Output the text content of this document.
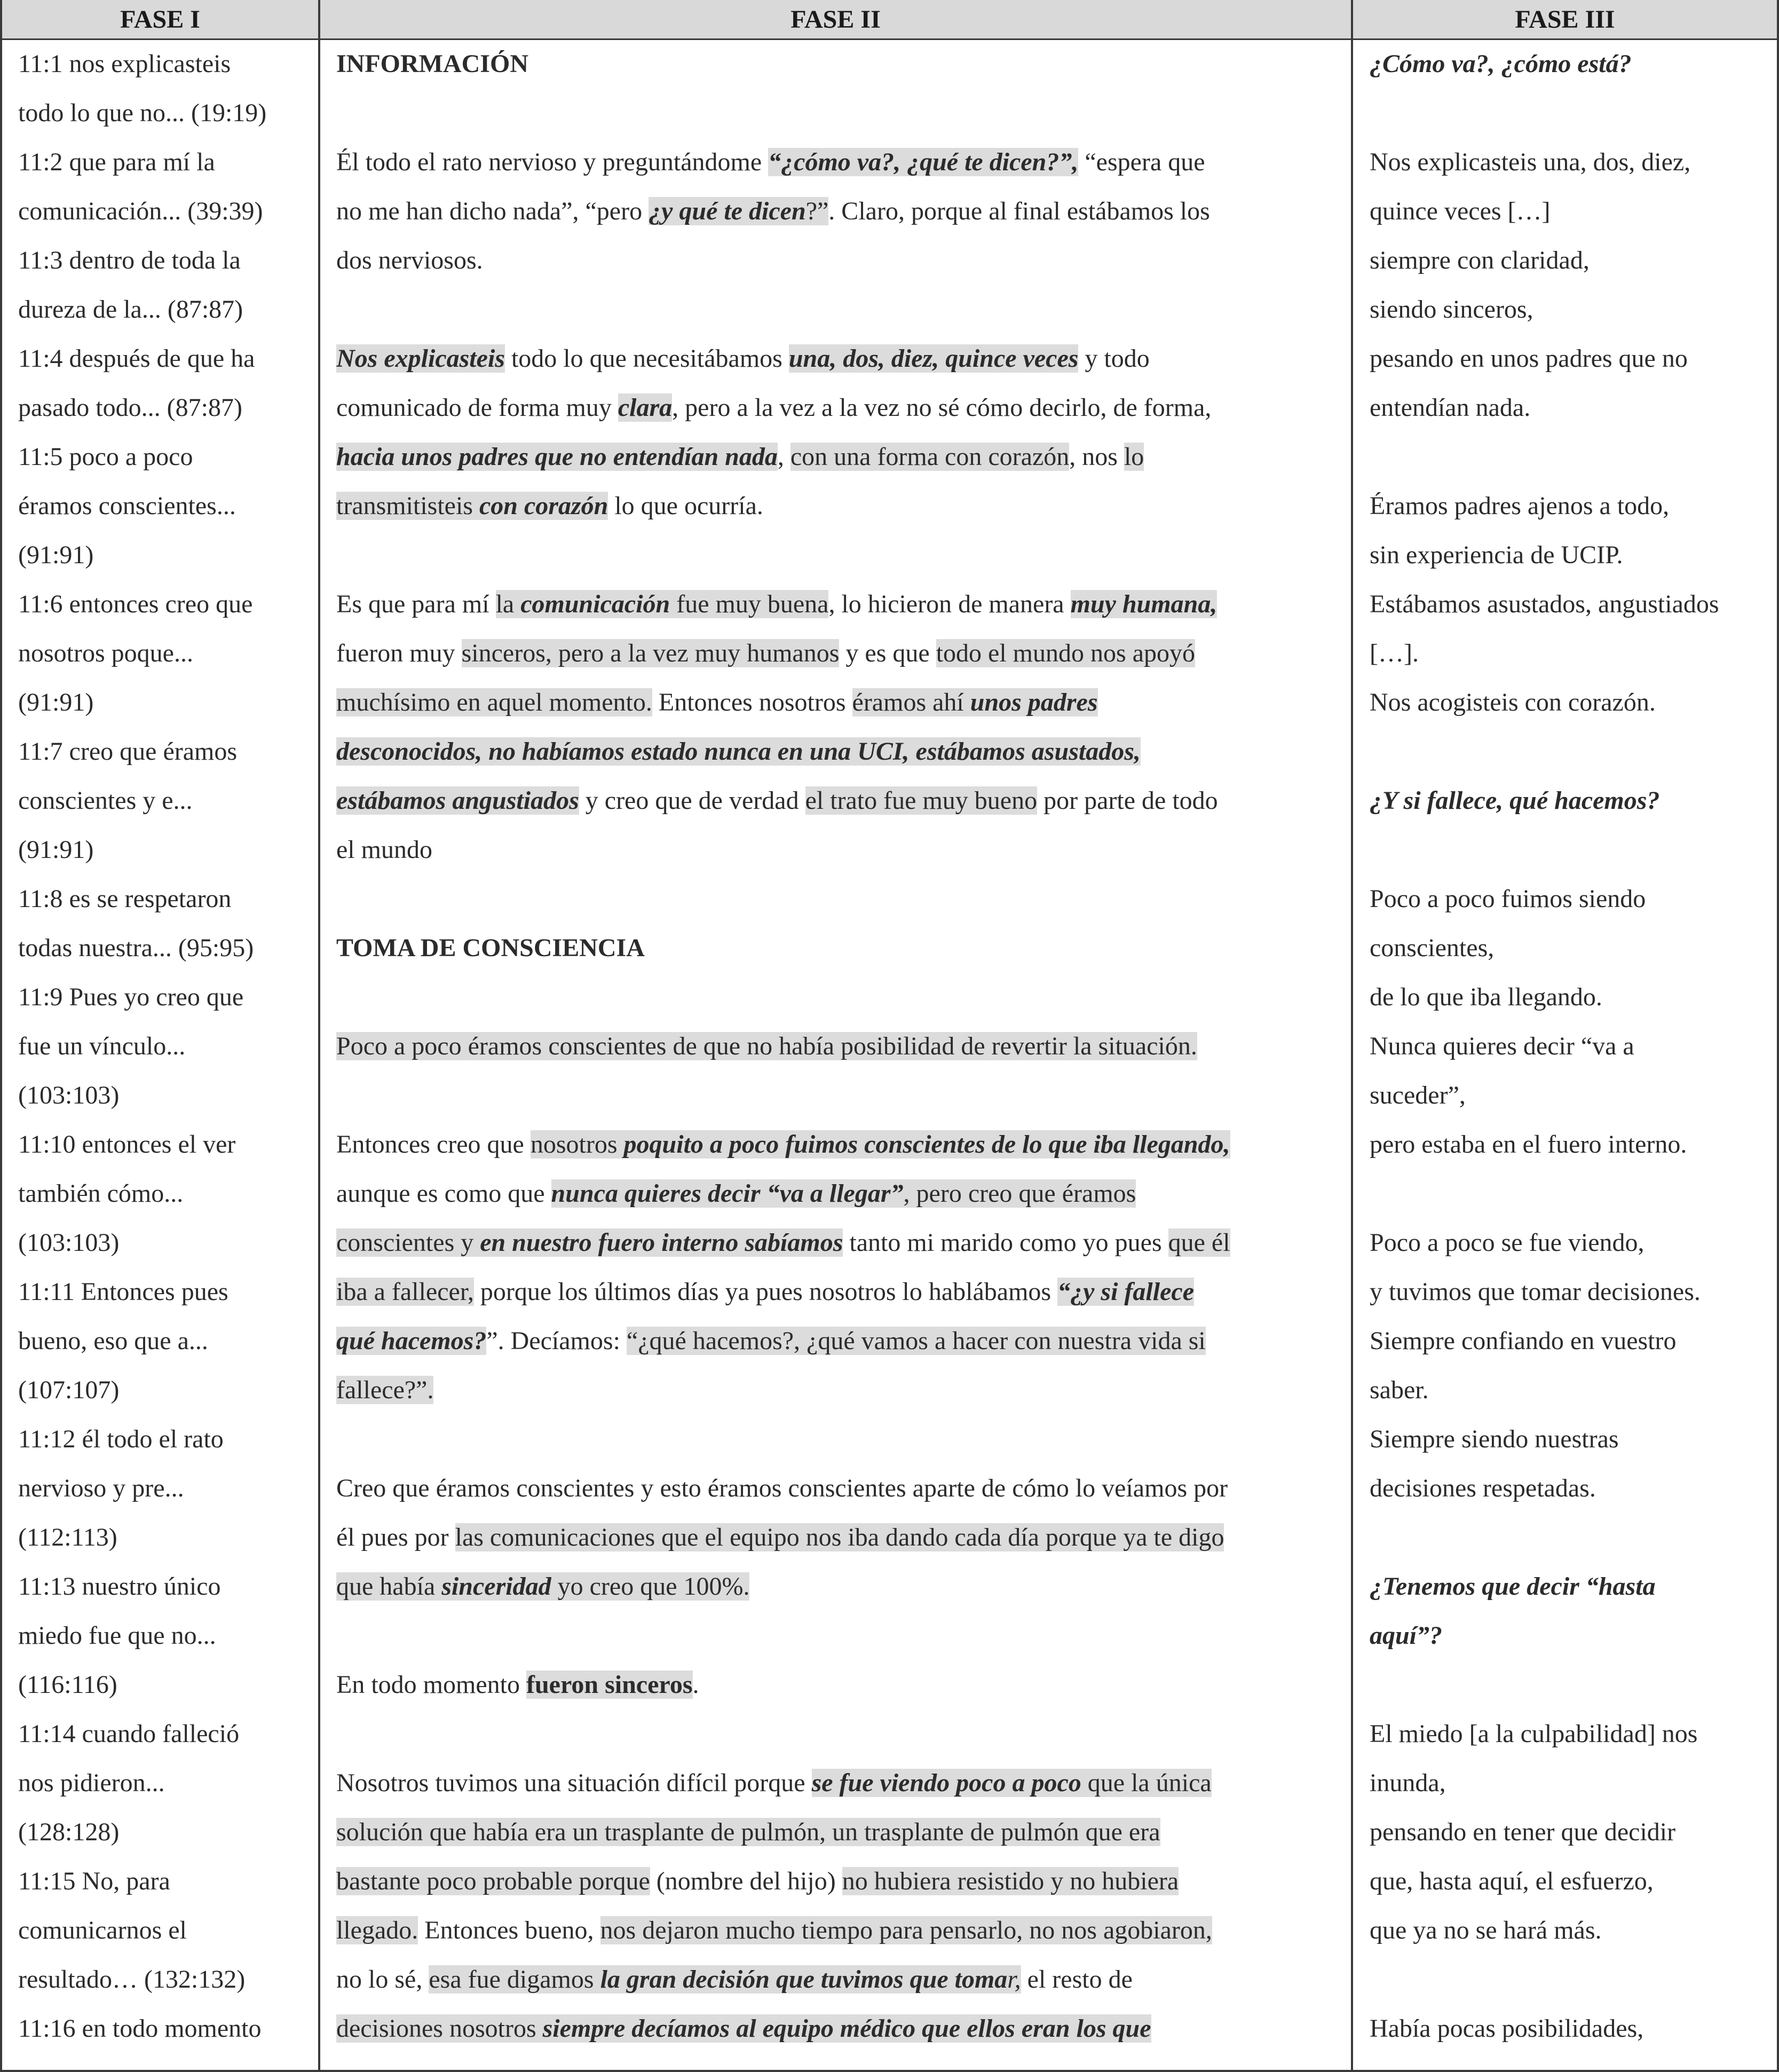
FASE I	FASE II	FASE III
11:1 nos explicasteis
todo lo que no... (19:19)
11:2 que para mí la
comunicación... (39:39)
11:3 dentro de toda la
dureza de la... (87:87)
11:4 después de que ha
pasado todo... (87:87)
11:5 poco a poco
éramos conscientes...
(91:91)
11:6 entonces creo que
nosotros poque...
(91:91)
11:7 creo que éramos
conscientes y e...
(91:91)
11:8 es se respetaron
todas nuestra... (95:95)
11:9 Pues yo creo que
fue un vínculo...
(103:103)
11:10 entonces el ver
también cómo...
(103:103)
11:11 Entonces pues
bueno, eso que a...
(107:107)
11:12 él todo el rato
nervioso y pre...
(112:113)
11:13 nuestro único
miedo fue que no...
(116:116)
11:14 cuando falleció
nos pidieron...
(128:128)
11:15 No, para
comunicarnos el
resultado… (132:132)
11:16 en todo momento
INFORMACIÓN
Él todo el rato nervioso y preguntándome “¿cómo va?, ¿qué te dicen?”, “espera que
no me han dicho nada”, “pero ¿y qué te dicen?”. Claro, porque al final estábamos los
dos nerviosos.
Nos explicasteis todo lo que necesitábamos una, dos, diez, quince veces y todo
comunicado de forma muy clara, pero a la vez a la vez no sé cómo decirlo, de forma,
hacia unos padres que no entendían nada, con una forma con corazón, nos lo
transmitisteis con corazón lo que ocurría.
Es que para mí la comunicación fue muy buena, lo hicieron de manera muy humana,
fueron muy sinceros, pero a la vez muy humanos y es que todo el mundo nos apoyó
muchísimo en aquel momento. Entonces nosotros éramos ahí unos padres
desconocidos, no habíamos estado nunca en una UCI, estábamos asustados,
estábamos angustiados y creo que de verdad el trato fue muy bueno por parte de todo
el mundo
TOMA DE CONSCIENCIA
Poco a poco éramos conscientes de que no había posibilidad de revertir la situación.
Entonces creo que nosotros poquito a poco fuimos conscientes de lo que iba llegando,
aunque es como que nunca quieres decir “va a llegar”, pero creo que éramos
conscientes y en nuestro fuero interno sabíamos tanto mi marido como yo pues que él
iba a fallecer, porque los últimos días ya pues nosotros lo hablábamos “¿y si fallece
qué hacemos?”. Decíamos: “¿qué hacemos?, ¿qué vamos a hacer con nuestra vida si
fallece?”.
Creo que éramos conscientes y esto éramos conscientes aparte de cómo lo veíamos por
él pues por las comunicaciones que el equipo nos iba dando cada día porque ya te digo
que había sinceridad yo creo que 100%.
En todo momento fueron sinceros.
Nosotros tuvimos una situación difícil porque se fue viendo poco a poco que la única
solución que había era un trasplante de pulmón, un trasplante de pulmón que era
bastante poco probable porque (nombre del hijo) no hubiera resistido y no hubiera
llegado. Entonces bueno, nos dejaron mucho tiempo para pensarlo, no nos agobiaron,
no lo sé, esa fue digamos la gran decisión que tuvimos que tomar, el resto de
decisiones nosotros siempre decíamos al equipo médico que ellos eran los que
¿Cómo va?, ¿cómo está?
Nos explicasteis una, dos, diez,
quince veces […]
siempre con claridad,
siendo sinceros,
pesando en unos padres que no
entendían nada.
Éramos padres ajenos a todo,
sin experiencia de UCIP.
Estábamos asustados, angustiados
[…].
Nos acogisteis con corazón.
¿Y si fallece, qué hacemos?
Poco a poco fuimos siendo
conscientes,
de lo que iba llegando.
Nunca quieres decir “va a
suceder”,
pero estaba en el fuero interno.
Poco a poco se fue viendo,
y tuvimos que tomar decisiones.
Siempre confiando en vuestro
saber.
Siempre siendo nuestras
decisiones respetadas.
¿Tenemos que decir “hasta
aquí”?
El miedo [a la culpabilidad] nos
inunda,
pensando en tener que decidir
que, hasta aquí, el esfuerzo,
que ya no se hará más.
Había pocas posibilidades,
